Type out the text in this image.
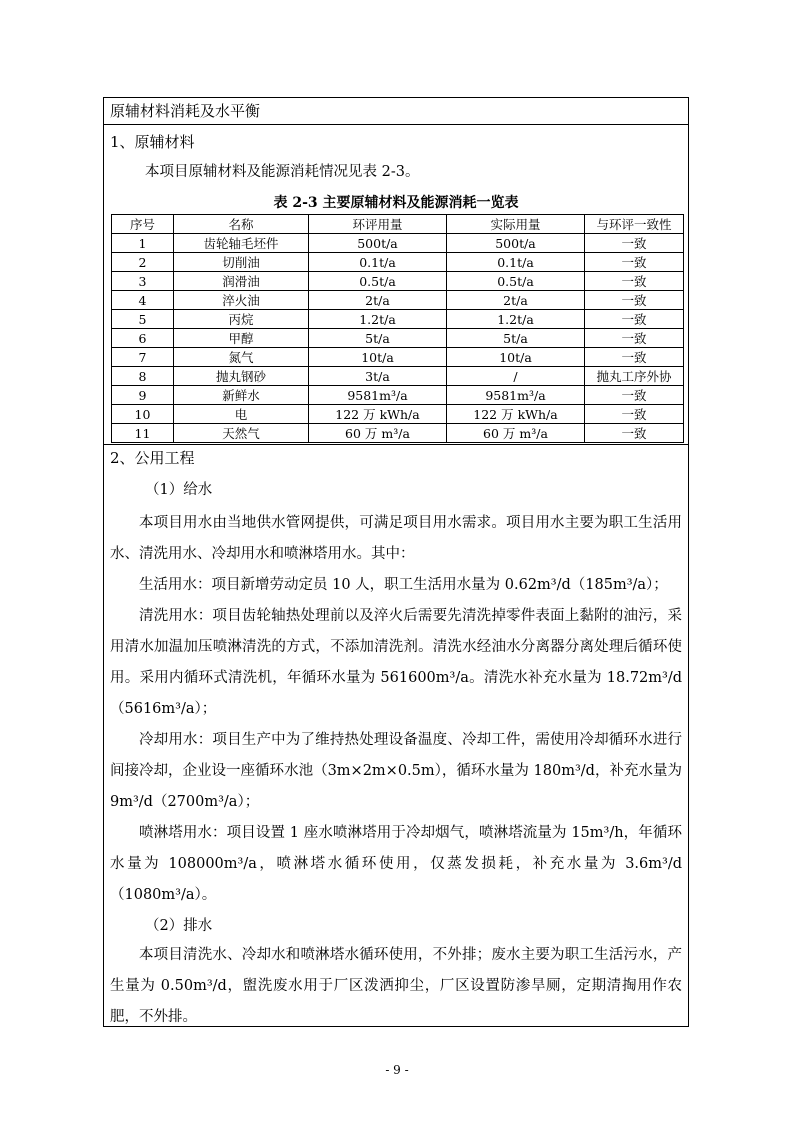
原辅材料消耗及水平衡
1、原辅材料
本项目原辅材料及能源消耗情况见表 2-3。
表 2-3 主要原辅材料及能源消耗一览表
序号	名称	环评用量	实际用量	与环评一致性
1	齿轮轴毛坯件	500t/a	500t/a	一致
2	切削油	0.1t/a	0.1t/a	一致
3	润滑油	0.5t/a	0.5t/a	一致
4	淬火油	2t/a	2t/a	一致
5	丙烷	1.2t/a	1.2t/a	一致
6	甲醇	5t/a	5t/a	一致
7	氮气	10t/a	10t/a	一致
8	抛丸钢砂	3t/a	/	抛丸工序外协
9	新鲜水	9581m³/a	9581m³/a	一致
10	电	122 万 kWh/a	122 万 kWh/a	一致
11	天然气	60 万 m³/a	60 万 m³/a	一致
2、公用工程
（1）给水
本项目用水由当地供水管网提供，可满足项目用水需求。项目用水主要为职工生活用水、清洗用水、冷却用水和喷淋塔用水。其中：
生活用水：项目新增劳动定员 10 人，职工生活用水量为 0.62m³/d（185m³/a）；
清洗用水：项目齿轮轴热处理前以及淬火后需要先清洗掉零件表面上黏附的油污，采用清水加温加压喷淋清洗的方式，不添加清洗剂。清洗水经油水分离器分离处理后循环使用。采用内循环式清洗机，年循环水量为 561600m³/a。清洗水补充水量为 18.72m³/d（5616m³/a）；
冷却用水：项目生产中为了维持热处理设备温度、冷却工件，需使用冷却循环水进行间接冷却，企业设一座循环水池（3m×2m×0.5m），循环水量为 180m³/d，补充水量为 9m³/d（2700m³/a）；
喷淋塔用水：项目设置 1 座水喷淋塔用于冷却烟气，喷淋塔流量为 15m³/h，年循环水量为 108000m³/a，喷淋塔水循环使用，仅蒸发损耗，补充水量为 3.6m³/d（1080m³/a）。
（2）排水
本项目清洗水、冷却水和喷淋塔水循环使用，不外排；废水主要为职工生活污水，产生量为 0.50m³/d，盥洗废水用于厂区泼洒抑尘，厂区设置防渗旱厕，定期清掏用作农肥，不外排。
- 9 -
